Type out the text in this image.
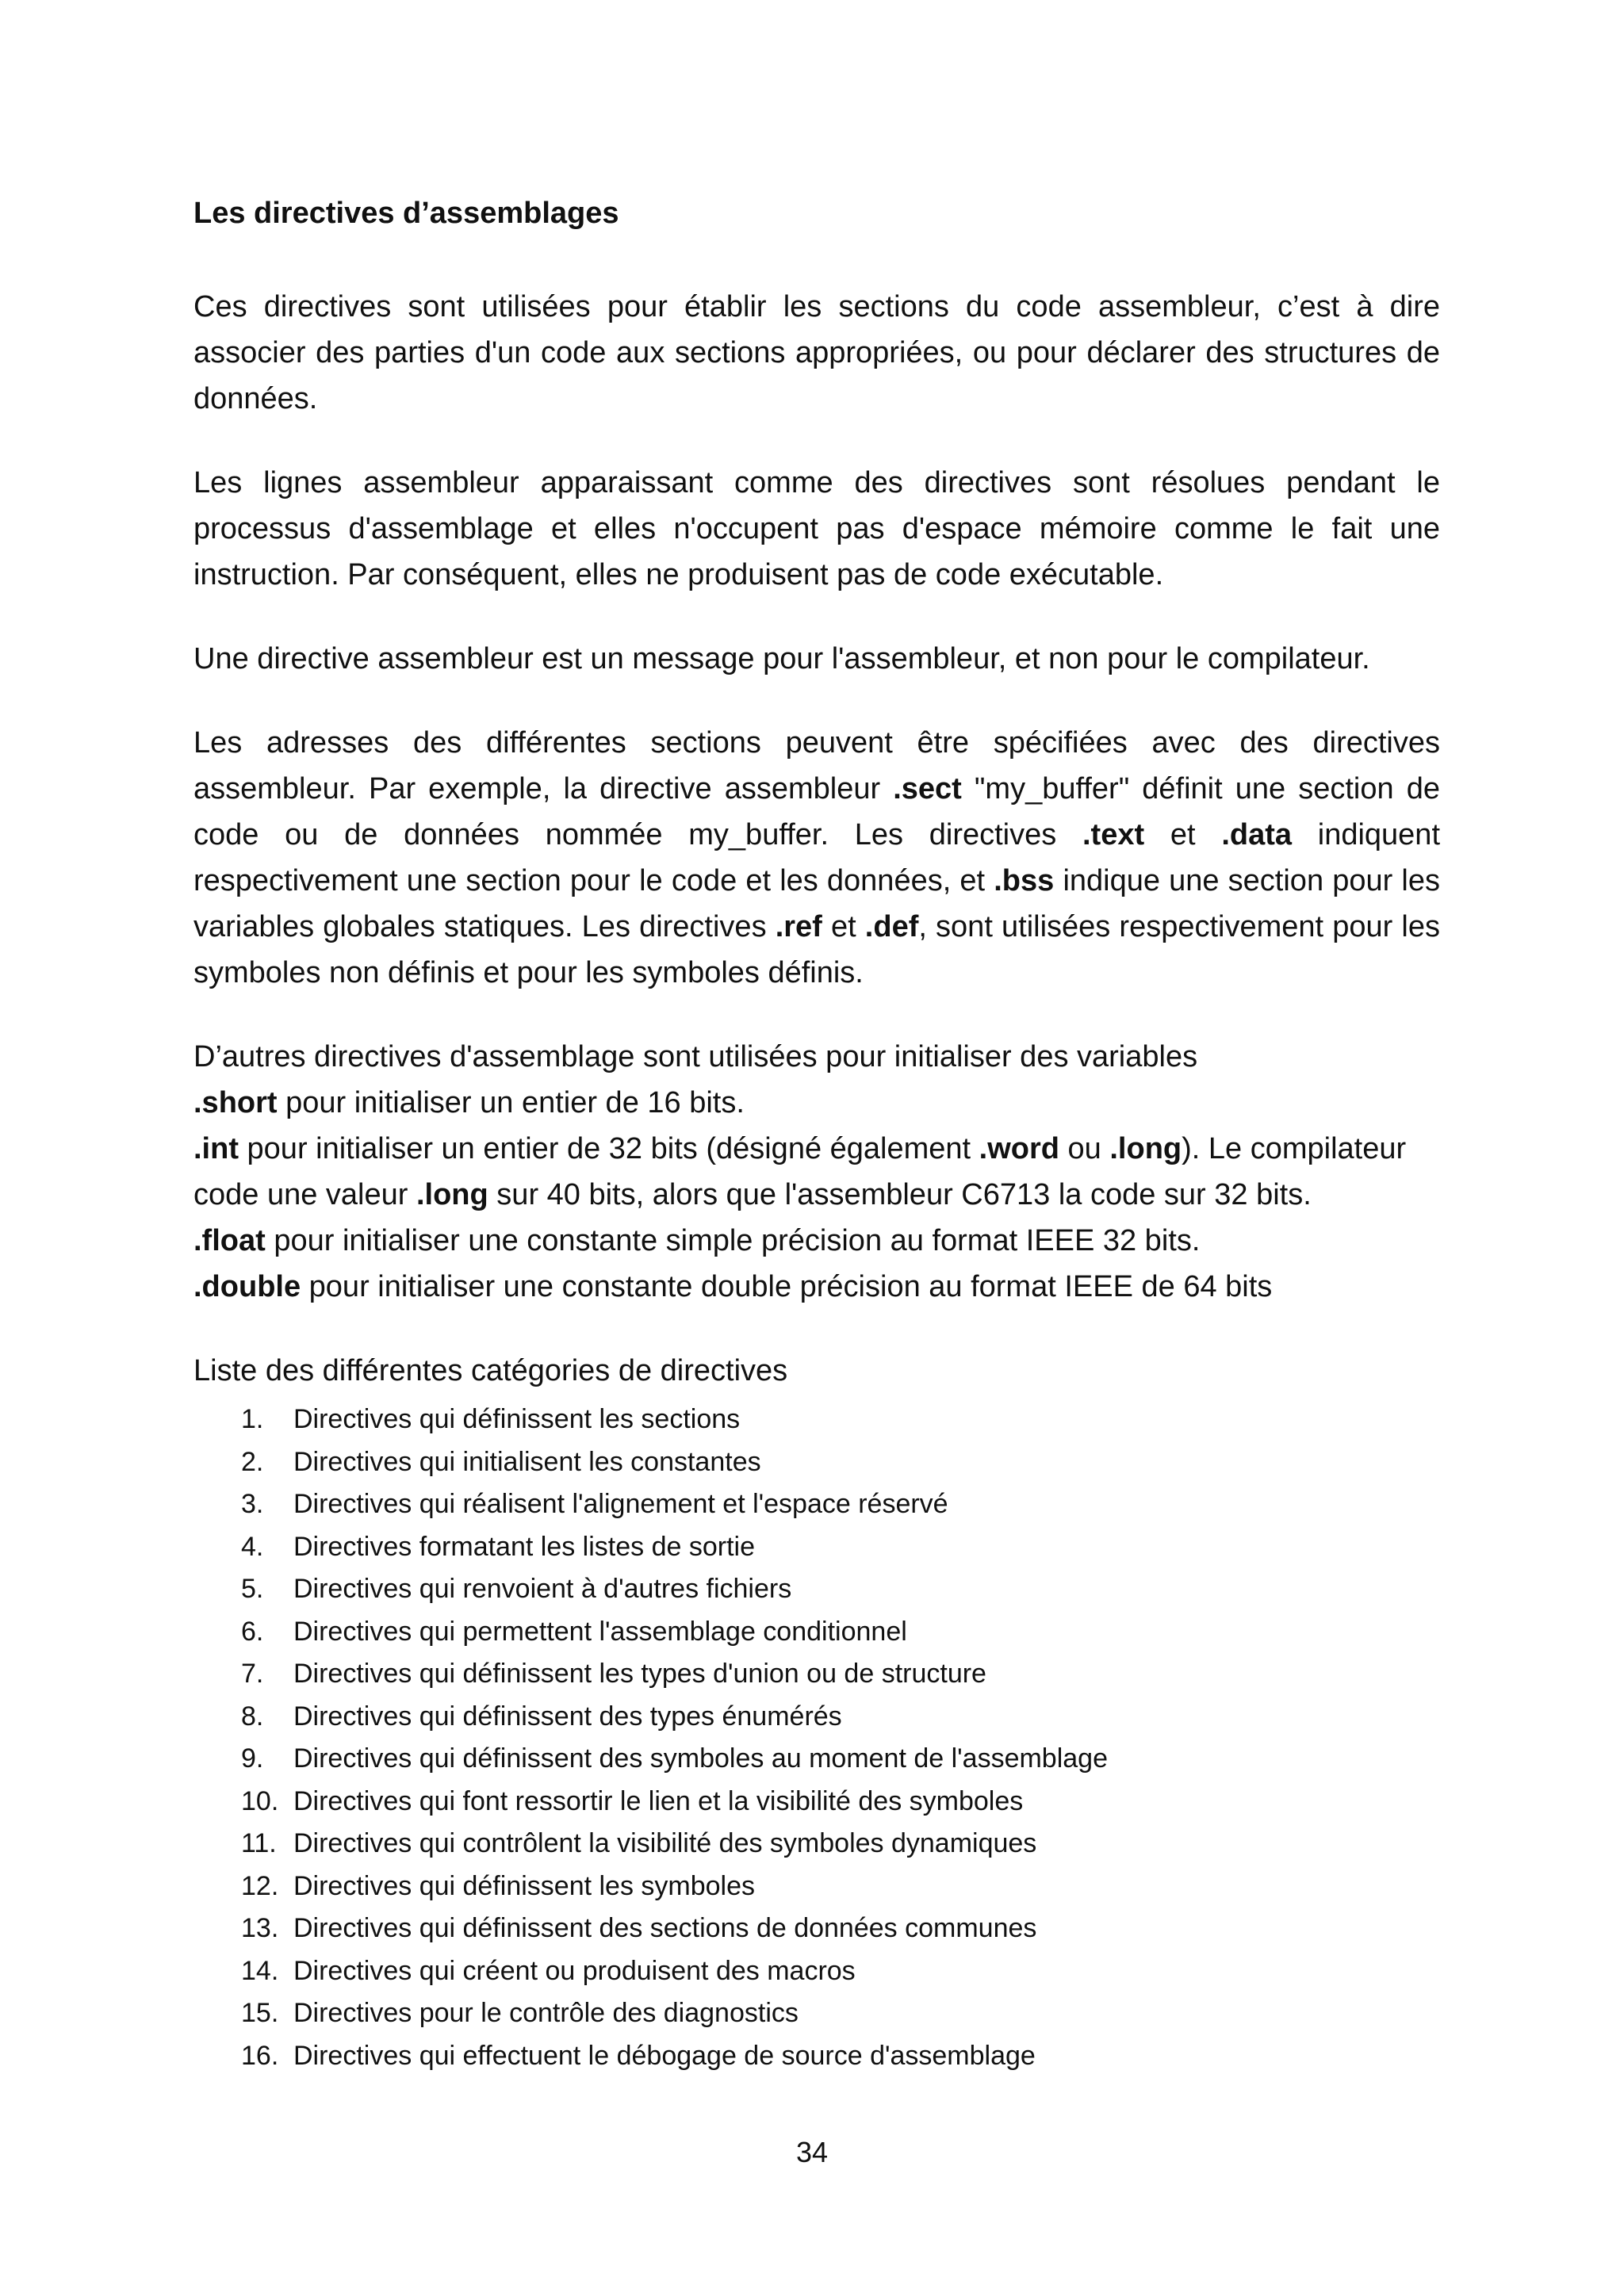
Les directives d’assemblages

Ces directives sont utilisées pour établir les sections du code assembleur, c’est à dire associer des parties d'un code aux sections appropriées, ou pour déclarer des structures de données.

Les lignes assembleur apparaissant comme des directives sont résolues pendant le processus d'assemblage et elles n'occupent pas d'espace mémoire comme le fait une instruction. Par conséquent, elles ne produisent pas de code exécutable.

Une directive assembleur est un message pour l'assembleur, et non pour le compilateur.

Les adresses des différentes sections peuvent être spécifiées avec des directives assembleur. Par exemple, la directive assembleur .sect "my_buffer" définit une section de code ou de données nommée my_buffer. Les directives .text et .data indiquent respectivement une section pour le code et les données, et .bss indique une section pour les variables globales statiques. Les directives .ref et .def, sont utilisées respectivement pour les symboles non définis et pour les symboles définis.

D’autres directives d'assemblage sont utilisées pour initialiser des variables
.short pour initialiser un entier de 16 bits.
.int pour initialiser un entier de 32 bits (désigné également .word ou .long). Le compilateur
code une valeur .long sur 40 bits, alors que l'assembleur C6713 la code sur 32 bits.
.float pour initialiser une constante simple précision au format IEEE 32 bits.
.double pour initialiser une constante double précision au format IEEE de 64 bits
Liste des différentes catégories de directives
1.	Directives qui définissent les sections
2.	Directives qui initialisent les constantes
3.	Directives qui réalisent l'alignement et l'espace réservé
4.	Directives formatant les listes de sortie
5.	Directives qui renvoient à d'autres fichiers
6.	Directives qui permettent l'assemblage conditionnel
7.	Directives qui définissent les types d'union ou de structure
8.	Directives qui définissent des types énumérés
9.	Directives qui définissent des symboles au moment de l'assemblage
10. Directives qui font ressortir le lien et la visibilité des symboles
11. Directives qui contrôlent la visibilité des symboles dynamiques
12. Directives qui définissent les symboles
13. Directives qui définissent des sections de données communes
14. Directives qui créent ou produisent des macros
15. Directives pour le contrôle des diagnostics
16. Directives qui effectuent le débogage de source d'assemblage
34
